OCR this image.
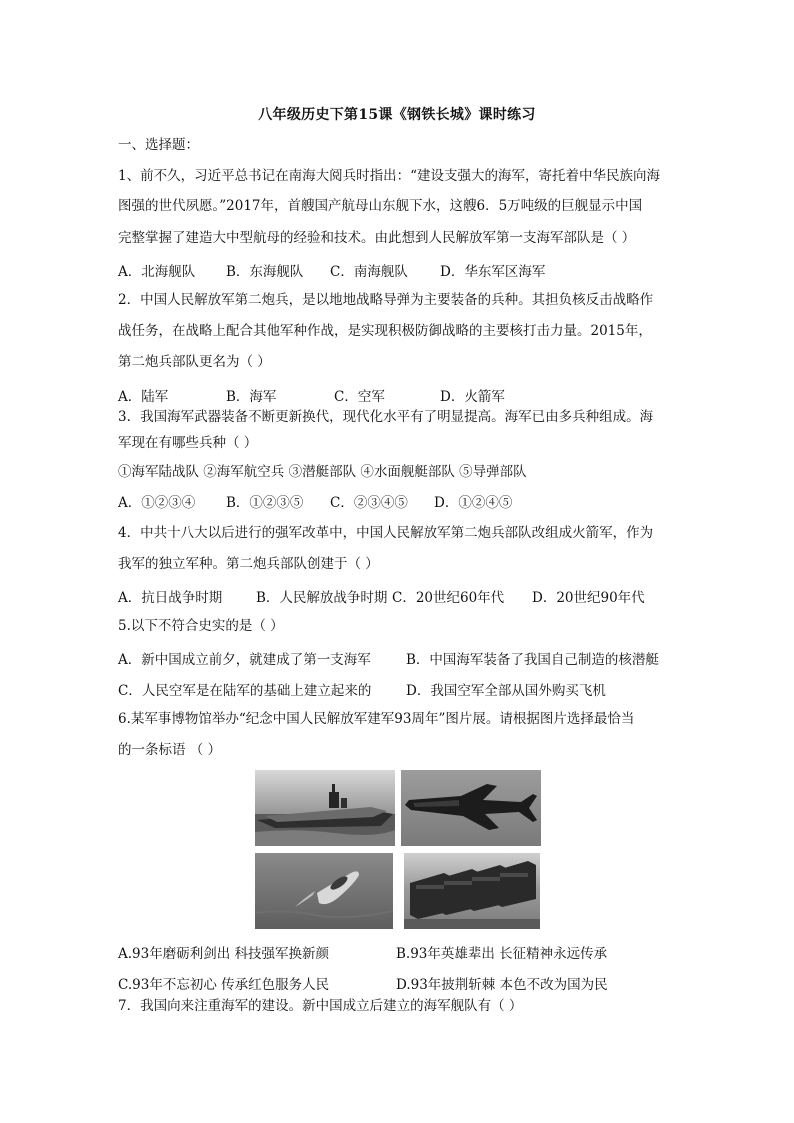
八年级历史下第15课《钢铁长城》课时练习
一、选择题：
1、前不久，习近平总书记在南海大阅兵时指出：“建设支强大的海军，寄托着中华民族向海
图强的世代夙愿。”2017年，首艘国产航母山东舰下水，这艘6．5万吨级的巨舰显示中国
完整掌握了建造大中型航母的经验和技术。由此想到人民解放军第一支海军部队是（ ）
A．北海舰队 B．东海舰队 C．南海舰队 D．华东军区海军
2．中国人民解放军第二炮兵，是以地地战略导弹为主要装备的兵种。其担负核反击战略作
战任务，在战略上配合其他军种作战，是实现积极防御战略的主要核打击力量。2015年，
第二炮兵部队更名为（ ）
A．陆军	B．海军	C．空军	D．火箭军
3．我国海军武器装备不断更新换代，现代化水平有了明显提高。海军已由多兵种组成。海
军现在有哪些兵种（ ）
①海军陆战队 ②海军航空兵 ③潜艇部队 ④水面舰艇部队 ⑤导弹部队
A．①②③④ B．①②③⑤ C．②③④⑤ D．①②④⑤
4．中共十八大以后进行的强军改革中，中国人民解放军第二炮兵部队改组成火箭军，作为
我军的独立军种。第二炮兵部队创建于（ ）
A．抗日战争时期	B．人民解放战争时期 C．20世纪60年代 D．20世纪90年代
5.以下不符合史实的是（ ）
A．新中国成立前夕，就建成了第一支海军	B．中国海军装备了我国自己制造的核潜艇
C．人民空军是在陆军的基础上建立起来的	D．我国空军全部从国外购买飞机
6.某军事博物馆举办“纪念中国人民解放军建军93周年”图片展。请根据图片选择最恰当
的一条标语 （ ）
A.93年磨砺利剑出 科技强军换新颜	B.93年英雄辈出 长征精神永远传承
C.93年不忘初心 传承红色服务人民	D.93年披荆斩棘 本色不改为国为民
7．我国向来注重海军的建设。新中国成立后建立的海军舰队有（ ）
